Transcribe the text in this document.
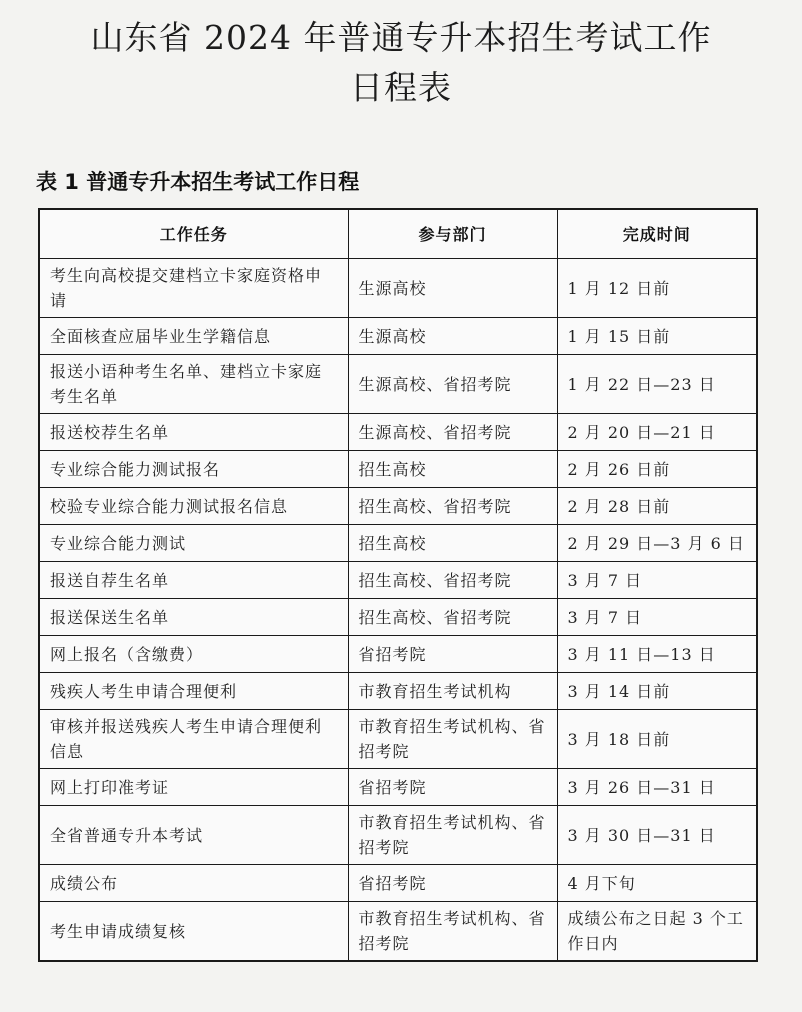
山东省 2024 年普通专升本招生考试工作
日程表
表 1 普通专升本招生考试工作日程
工作任务	参与部门	完成时间
考生向高校提交建档立卡家庭资格申请	生源高校	1 月 12 日前
全面核查应届毕业生学籍信息	生源高校	1 月 15 日前
报送小语种考生名单、建档立卡家庭考生名单	生源高校、省招考院	1 月 22 日—23 日
报送校荐生名单	生源高校、省招考院	2 月 20 日—21 日
专业综合能力测试报名	招生高校	2 月 26 日前
校验专业综合能力测试报名信息	招生高校、省招考院	2 月 28 日前
专业综合能力测试	招生高校	2 月 29 日—3 月 6 日
报送自荐生名单	招生高校、省招考院	3 月 7 日
报送保送生名单	招生高校、省招考院	3 月 7 日
网上报名（含缴费）	省招考院	3 月 11 日—13 日
残疾人考生申请合理便利	市教育招生考试机构	3 月 14 日前
审核并报送残疾人考生申请合理便利信息	市教育招生考试机构、省招考院	3 月 18 日前
网上打印准考证	省招考院	3 月 26 日—31 日
全省普通专升本考试	市教育招生考试机构、省招考院	3 月 30 日—31 日
成绩公布	省招考院	4 月下旬
考生申请成绩复核	市教育招生考试机构、省招考院	成绩公布之日起 3 个工作日内
